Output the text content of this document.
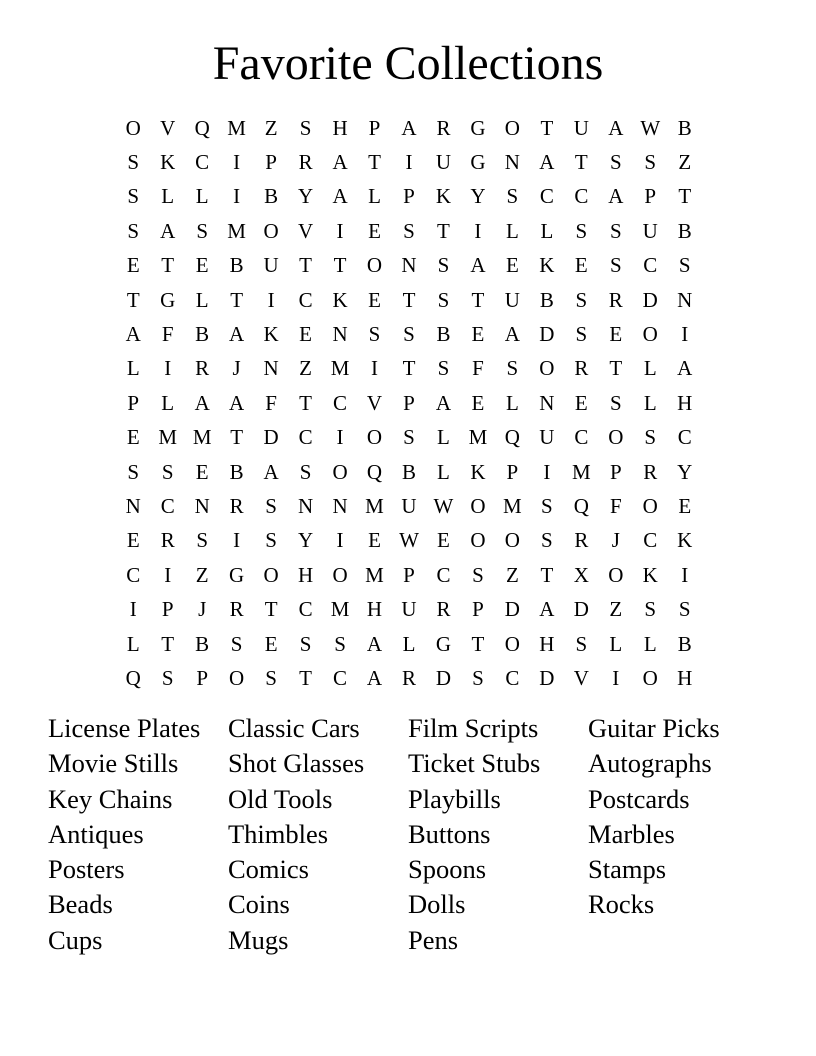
Favorite Collections
O V Q M Z	S	H	P	A R G O T U A W B
S	K C	I	P	R A T	I	U G N A T	S	S	Z
S	L	L	I	B Y A L	P	K Y	S	C C A	P	T
S	A	S M O V	I	E	S	T	I	L	L	S	S	U B
E	T	E	B U T	T O N	S	A E K E	S	C	S
T G L	T	I	C K E	T	S	T U B	S	R D N
A	F	B A K E N	S	S	B	E A D	S	E O	I
L	I	R	J	N Z M	I	T	S	F	S	O R	T	L A
P	L A A	F	T	C V	P	A E	L N E	S	L H
E M M T D C	I	O	S	L M Q U C O	S	C
S	S	E	B A	S	O Q B	L K	P	I	M P	R Y
N C N R	S	N N M U W O M S	Q	F	O E
E	R	S	I	S	Y	I	E W E O O	S	R	J	C K
C	I	Z G O H O M P	C	S	Z	T X O K	I
I	P	J	R	T	C M H U R	P	D A D Z	S	S
L	T	B	S	E	S	S	A L G T O H	S	L	L	B
Q	S	P	O	S	T	C A R D	S	C D V	I	O H
License Plates	Classic Cars	Film Scripts	Guitar Picks
Movie Stills	Shot Glasses	Ticket Stubs	Autographs
Key Chains	Old Tools	Playbills	Postcards
Antiques	Thimbles	Buttons	Marbles
Posters	Comics	Spoons	Stamps
Beads	Coins	Dolls	Rocks
Cups	Mugs	Pens
